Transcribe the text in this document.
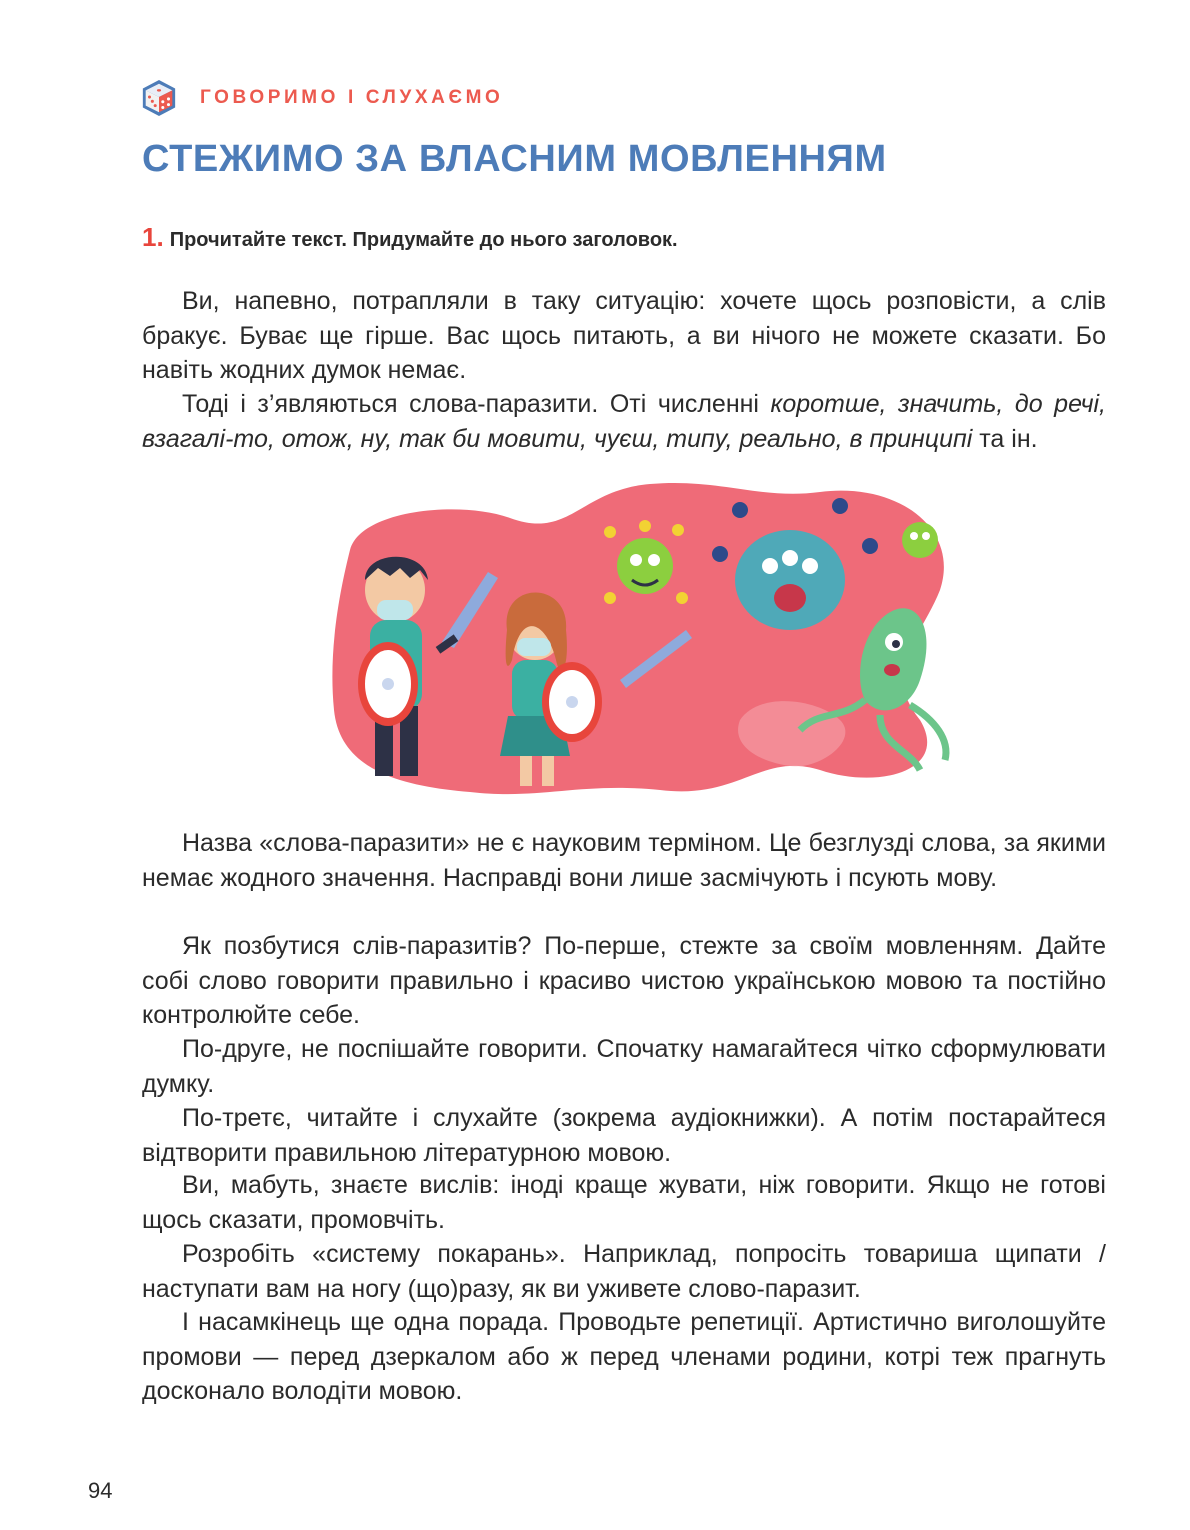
ГОВОРИМО І СЛУХАЄМО
СТЕЖИМО ЗА ВЛАСНИМ МОВЛЕННЯМ
1. Прочитайте текст. Придумайте до нього заголовок.

Ви, напевно, потрапляли в таку ситуацію: хочете щось розповісти, а слів бракує. Буває ще гірше. Вас щось питають, а ви нічого не можете сказати. Бо навіть жодних думок немає.

Тоді і з’являються слова-паразити. Оті численні коротше, значить, до речі, взагалі-то, отож, ну, так би мовити, чуєш, типу, реально, в принципі та ін.

Назва «слова-паразити» не є науковим терміном. Це безглузді слова, за якими немає жодного значення. Насправді вони лише засмічують і псують мову.

Як позбутися слів-паразитів? По-перше, стежте за своїм мовленням. Дайте собі слово говорити правильно і красиво чистою українською мовою та постійно контролюйте себе.

По-друге, не поспішайте говорити. Спочатку намагайтеся чітко сформулювати думку.

По-третє, читайте і слухайте (зокрема аудіокнижки). А потім постарайтеся відтворити правильною літературною мовою.

Ви, мабуть, знаєте вислів: іноді краще жувати, ніж говорити. Якщо не готові щось сказати, промовчіть.

Розробіть «систему покарань». Наприклад, попросіть товариша щипати / наступати вам на ногу (що)разу, як ви уживете слово-паразит.

І насамкінець ще одна порада. Проводьте репетиції. Артистично виголошуйте промови — перед дзеркалом або ж перед членами родини, котрі теж прагнуть досконало володіти мовою.

94
